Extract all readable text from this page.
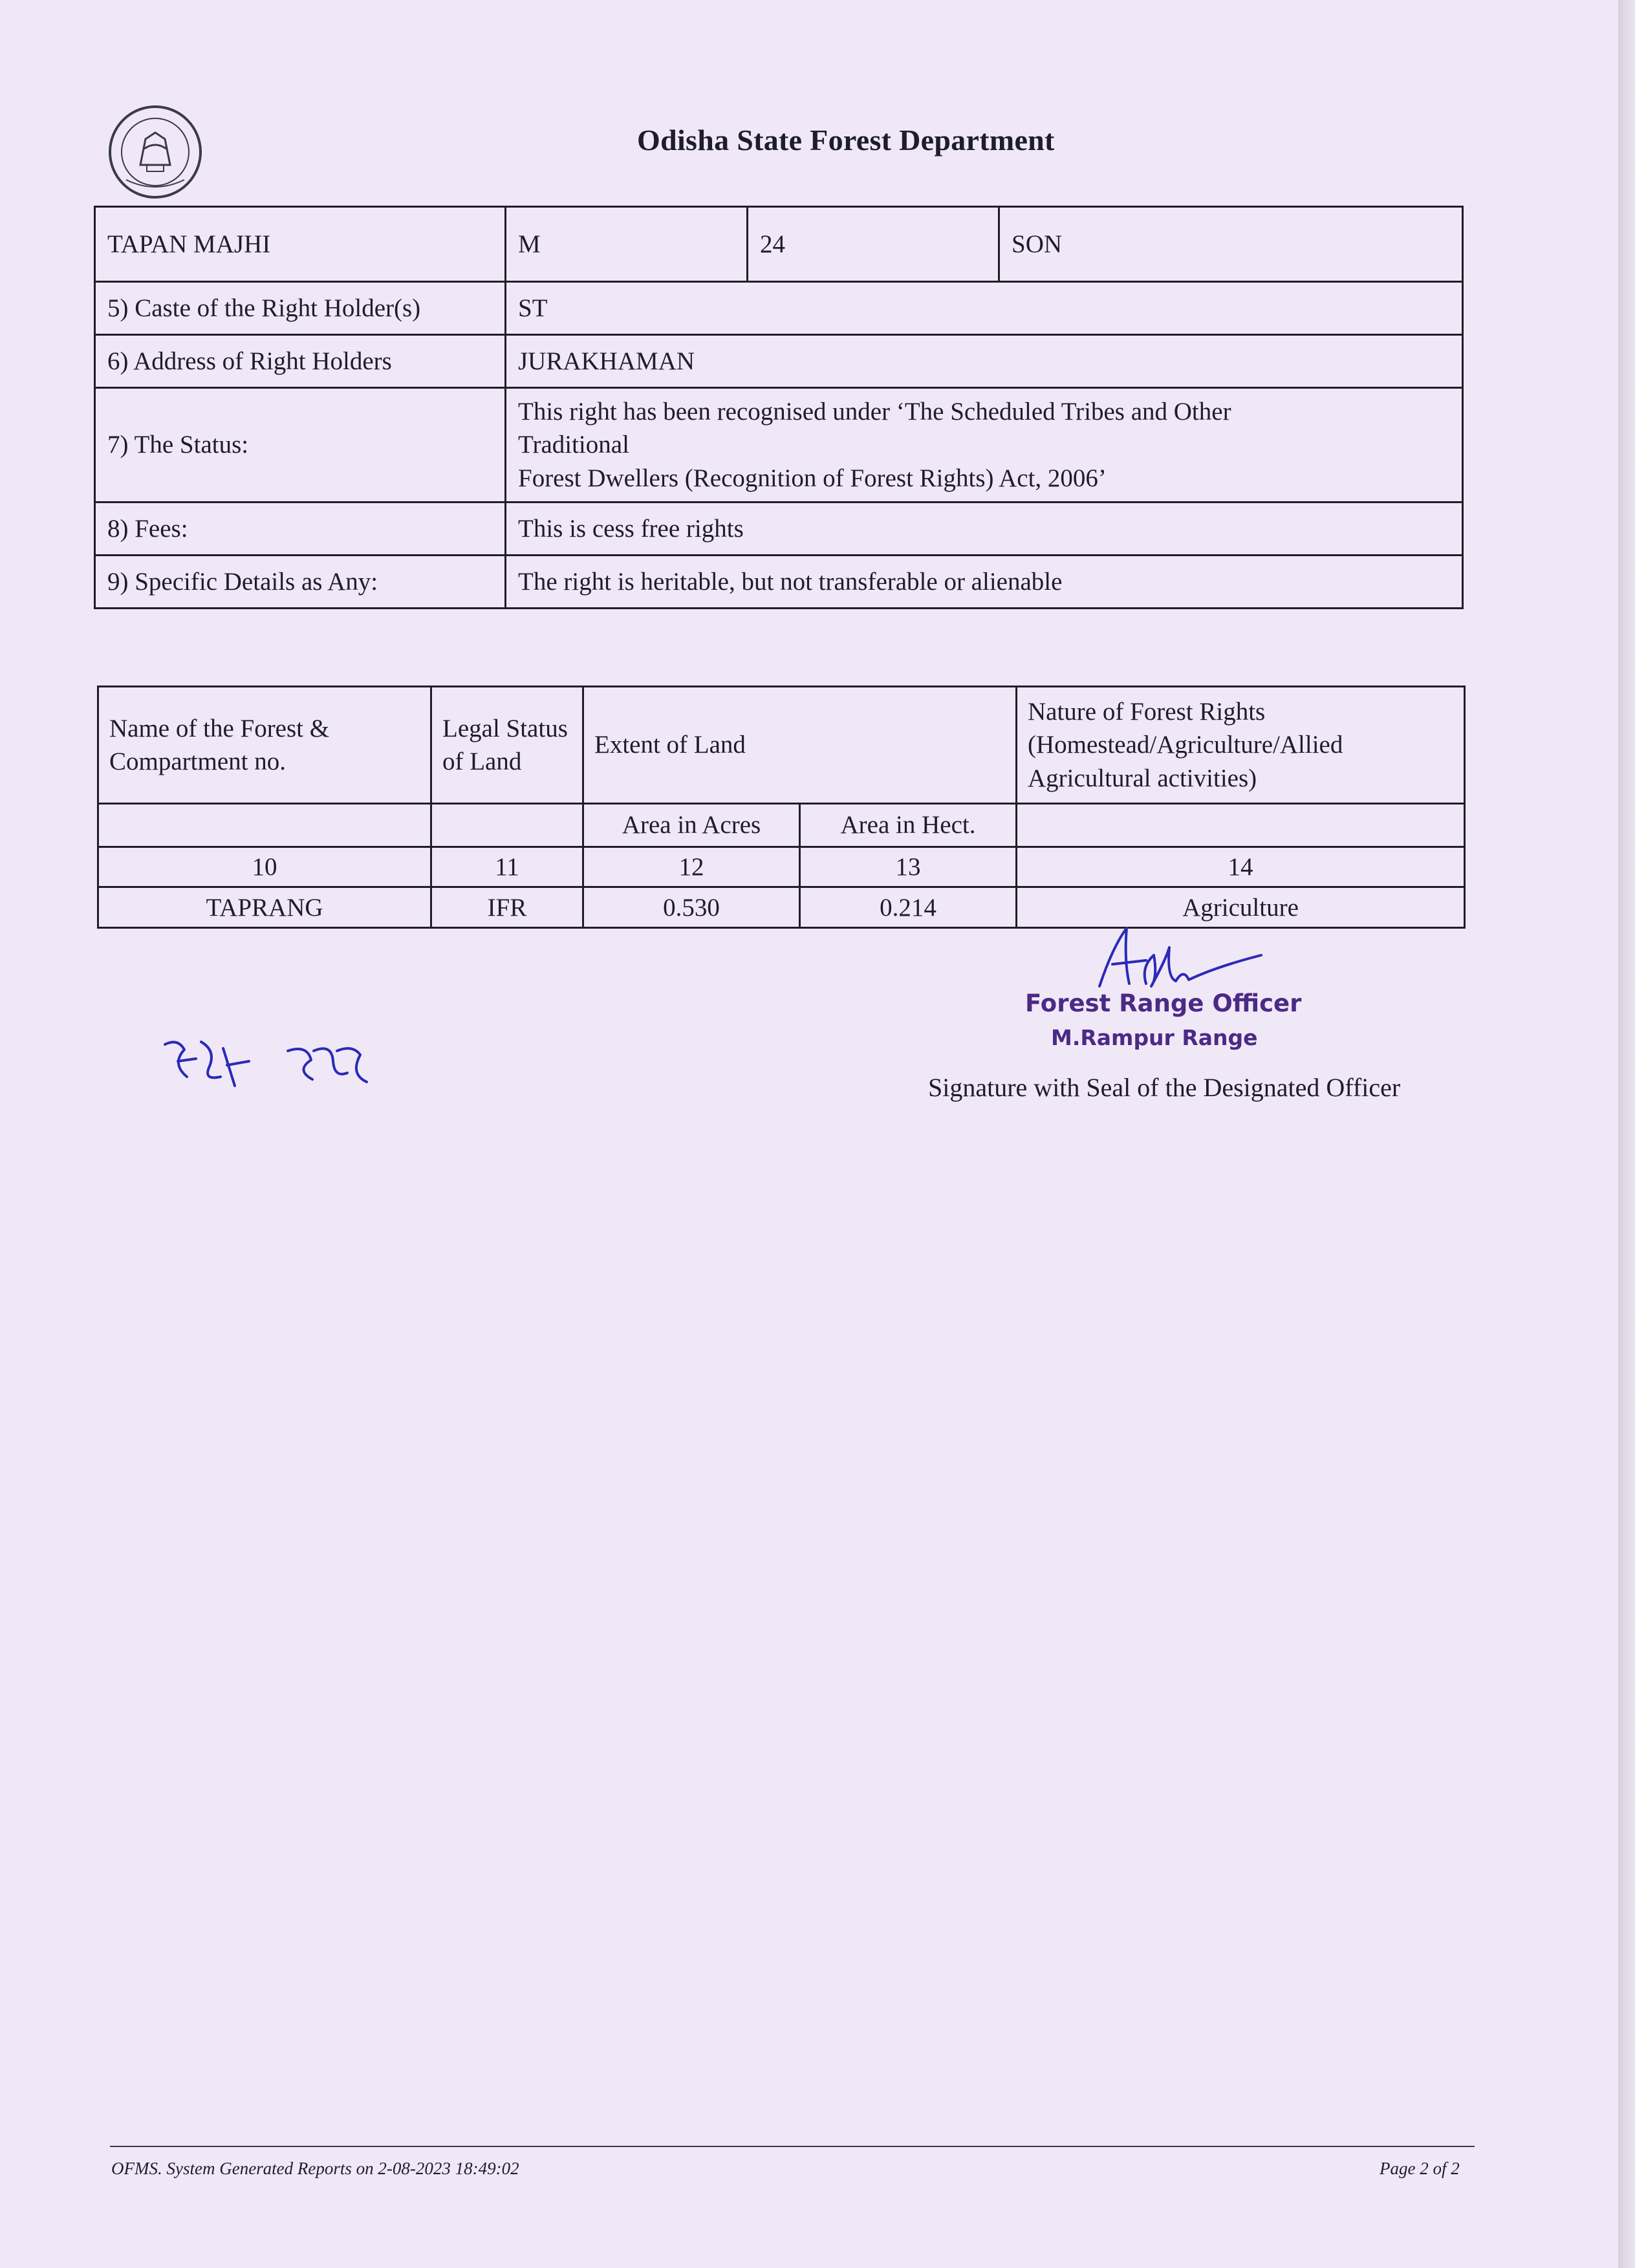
Odisha State Forest Department
TAPAN MAJHI	M	24	SON
5) Caste of the Right Holder(s)	ST		
6) Address of Right Holders	JURAKHAMAN		
7) The Status:	This right has been recognised under ‘The Scheduled Tribes and Other
Traditional
Forest Dwellers (Recognition of Forest Rights) Act, 2006’		

8) Fees:	This is cess free rights		
9) Specific Details as Any:	The right is heritable, but not transferable or alienable		
Name of the Forest & Compartment no.	Legal Status of Land	Extent of Land		Nature of Forest Rights (Homestead/Agriculture/Allied Agricultural activities)
		Area in Acres	Area in Hect.	
10	11	12	13	14
TAPRANG	IFR	0.530	0.214	Agriculture
Forest Range Officer
M.Rampur Range
Signature with Seal of the Designated Officer
OFMS. System Generated Reports on 2-08-2023 18:49:02	Page 2 of 2
